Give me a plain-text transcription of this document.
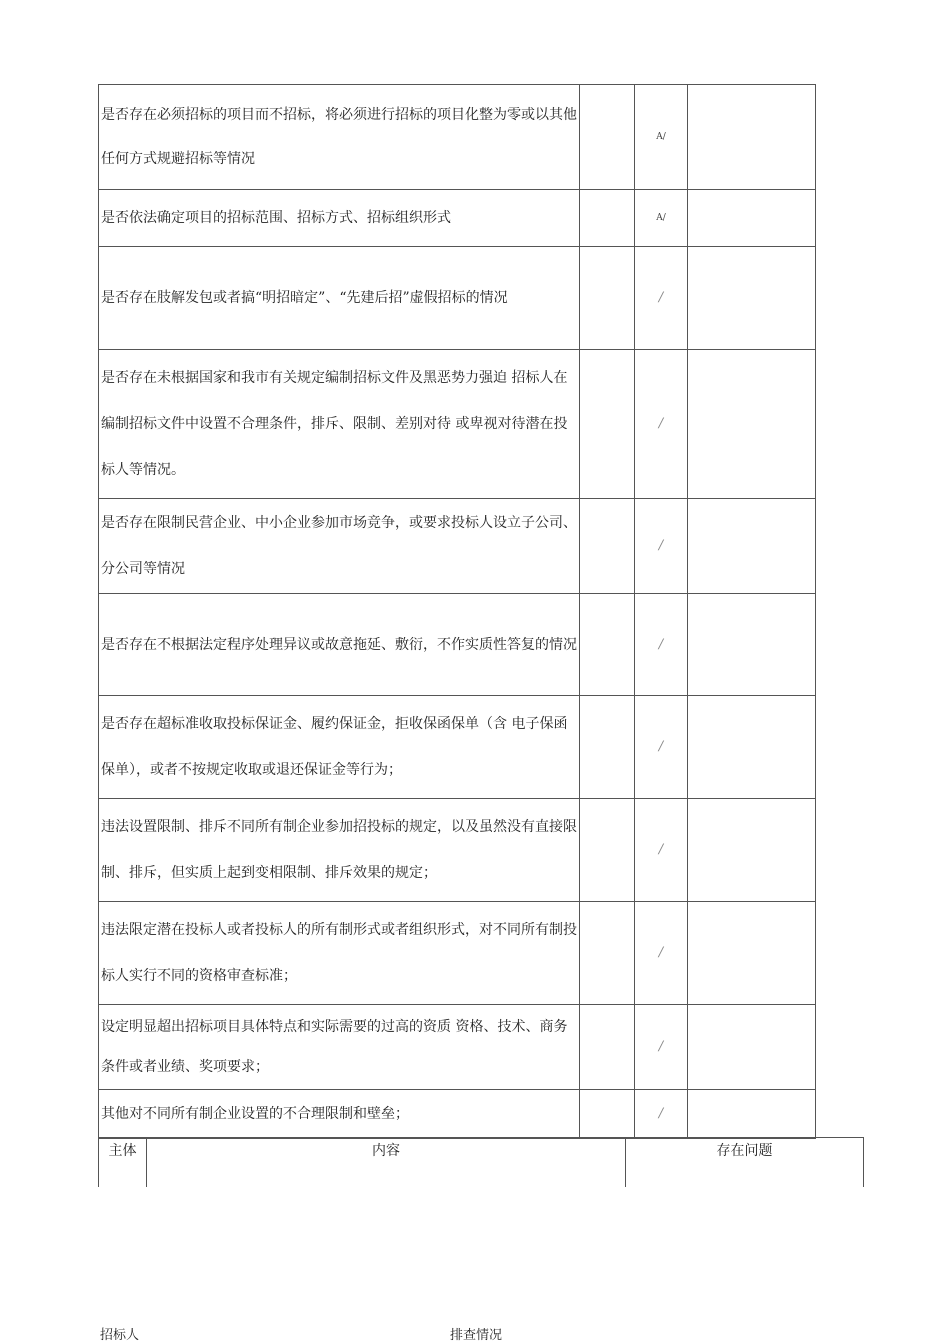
是否存在必须招标的项目而不招标，将必须进行招标的项目化整为零或以其他任何方式规避招标等情况		A/	
是否依法确定项目的招标范围、招标方式、招标组织形式		A/	
是否存在肢解发包或者搞“明招暗定”、“先建后招”虚假招标的情况		/	
是否存在未根据国家和我市有关规定编制招标文件及黑恶势力强迫 招标人在编制招标文件中设置不合理条件，排斥、限制、差别对待 或卑视对待潜在投标人等情况。		/	
是否存在限制民营企业、中小企业参加市场竞争，或要求投标人设立子公司、分公司等情况		/	
是否存在不根据法定程序处理异议或故意拖延、敷衍，不作实质性答复的情况		/	
是否存在超标准收取投标保证金、履约保证金，拒收保函保单（含 电子保函保单），或者不按规定收取或退还保证金等行为；		/	
违法设置限制、排斥不同所有制企业参加招投标的规定，以及虽然没有直接限制、排斥，但实质上起到变相限制、排斥效果的规定；		/	
违法限定潜在投标人或者投标人的所有制形式或者组织形式，对不同所有制投标人实行不同的资格审查标准；		/	
设定明显超出招标项目具体特点和实际需要的过高的资质 资格、技术、商务条件或者业绩、奖项要求；		/	
其他对不同所有制企业设置的不合理限制和壁垒；		/	
主体	内容	存在问题
招标人	排查情况
